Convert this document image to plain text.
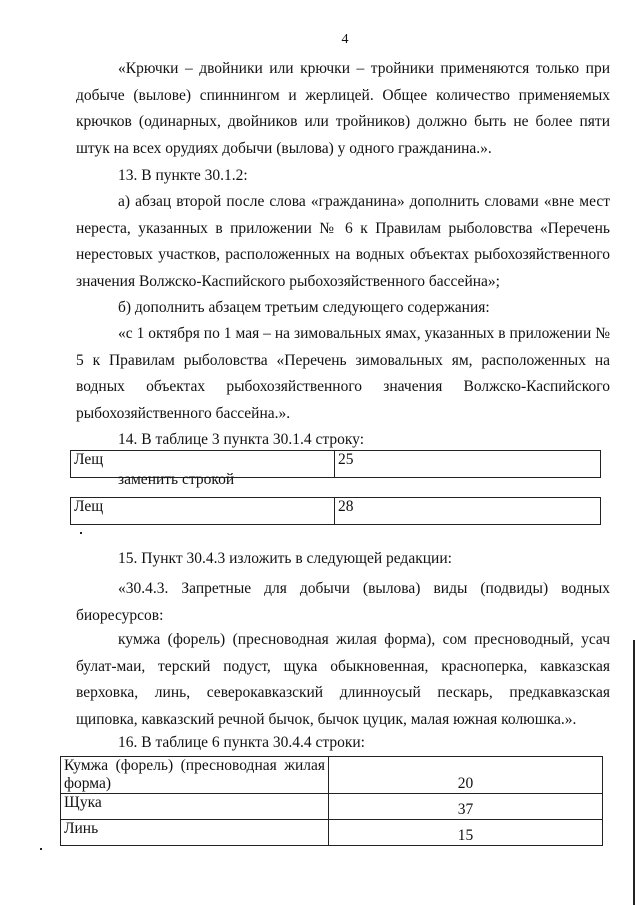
4

«Крючки – двойники или крючки – тройники применяются только при добыче (вылове) спиннингом и жерлицей. Общее количество применяемых крючков (одинарных, двойников или тройников) должно быть не более пяти штук на всех орудиях добычи (вылова) у одного гражданина.».

13. В пункте 30.1.2:

а) абзац второй после слова «гражданина» дополнить словами «вне мест нереста, указанных в приложении № 6 к Правилам рыболовства «Перечень нерестовых участков, расположенных на водных объектах рыбохозяйственного значения Волжско-Каспийского рыбохозяйственного бассейна»;

б) дополнить абзацем третьим следующего содержания:

«с 1 октября по 1 мая – на зимовальных ямах, указанных в приложении № 5 к Правилам рыболовства «Перечень зимовальных ям, расположенных на водных объектах рыбохозяйственного значения Волжско-Каспийского рыбохозяйственного бассейна.».

14. В таблице 3 пункта 30.1.4 строку:

Лещ	25
заменить строкой
Лещ	28

15. Пункт 30.4.3 изложить в следующей редакции:

«30.4.3. Запретные для добычи (вылова) виды (подвиды) водных биоресурсов:

кумжа (форель) (пресноводная жилая форма), сом пресноводный, усач булат-маи, терский подуст, щука обыкновенная, красноперка, кавказская верховка, линь, северокавказский длинноусый пескарь, предкавказская щиповка, кавказский речной бычок, бычок цуцик, малая южная колюшка.».

16. В таблице 6 пункта 30.4.4 строки:

Кумжа (форель) (пресноводная жилая форма)	20
Щука	37
Линь	15
